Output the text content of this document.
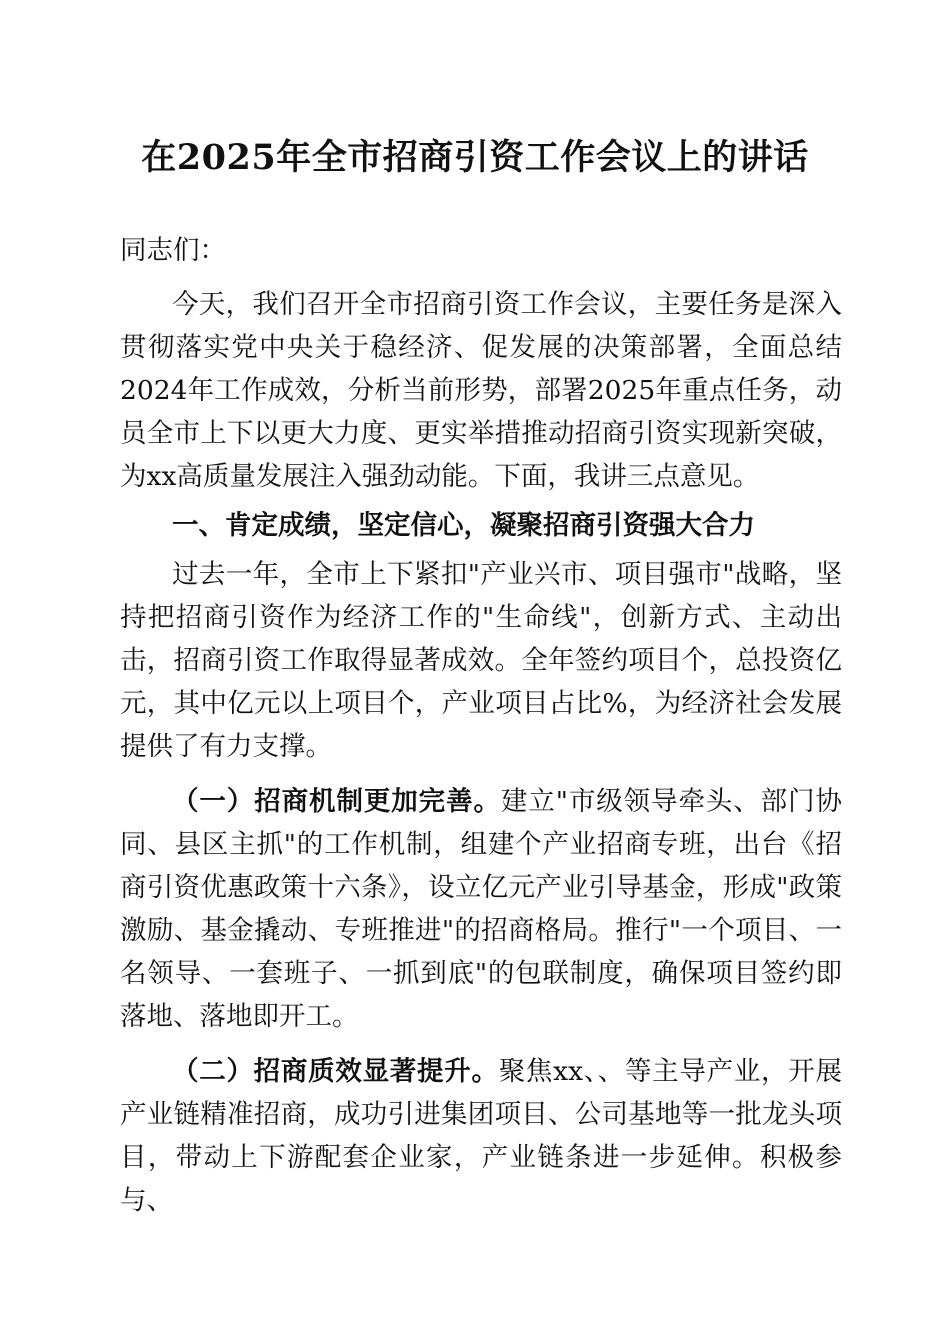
在2025年全市招商引资工作会议上的讲话

同志们：

今天，我们召开全市招商引资工作会议，主要任务是深入贯彻落实党中央关于稳经济、促发展的决策部署，全面总结2024年工作成效，分析当前形势，部署2025年重点任务，动员全市上下以更大力度、更实举措推动招商引资实现新突破，为xx高质量发展注入强劲动能。下面，我讲三点意见。

一、肯定成绩，坚定信心，凝聚招商引资强大合力

过去一年，全市上下紧扣"产业兴市、项目强市"战略，坚持把招商引资作为经济工作的"生命线"，创新方式、主动出击，招商引资工作取得显著成效。全年签约项目个，总投资亿元，其中亿元以上项目个，产业项目占比%，为经济社会发展提供了有力支撑。

（一）招商机制更加完善。建立"市级领导牵头、部门协同、县区主抓"的工作机制，组建个产业招商专班，出台《招商引资优惠政策十六条》，设立亿元产业引导基金，形成"政策激励、基金撬动、专班推进"的招商格局。推行"一个项目、一名领导、一套班子、一抓到底"的包联制度，确保项目签约即落地、落地即开工。

（二）招商质效显著提升。聚焦xx、、等主导产业，开展产业链精准招商，成功引进集团项目、公司基地等一批龙头项目，带动上下游配套企业家，产业链条进一步延伸。积极参与、
